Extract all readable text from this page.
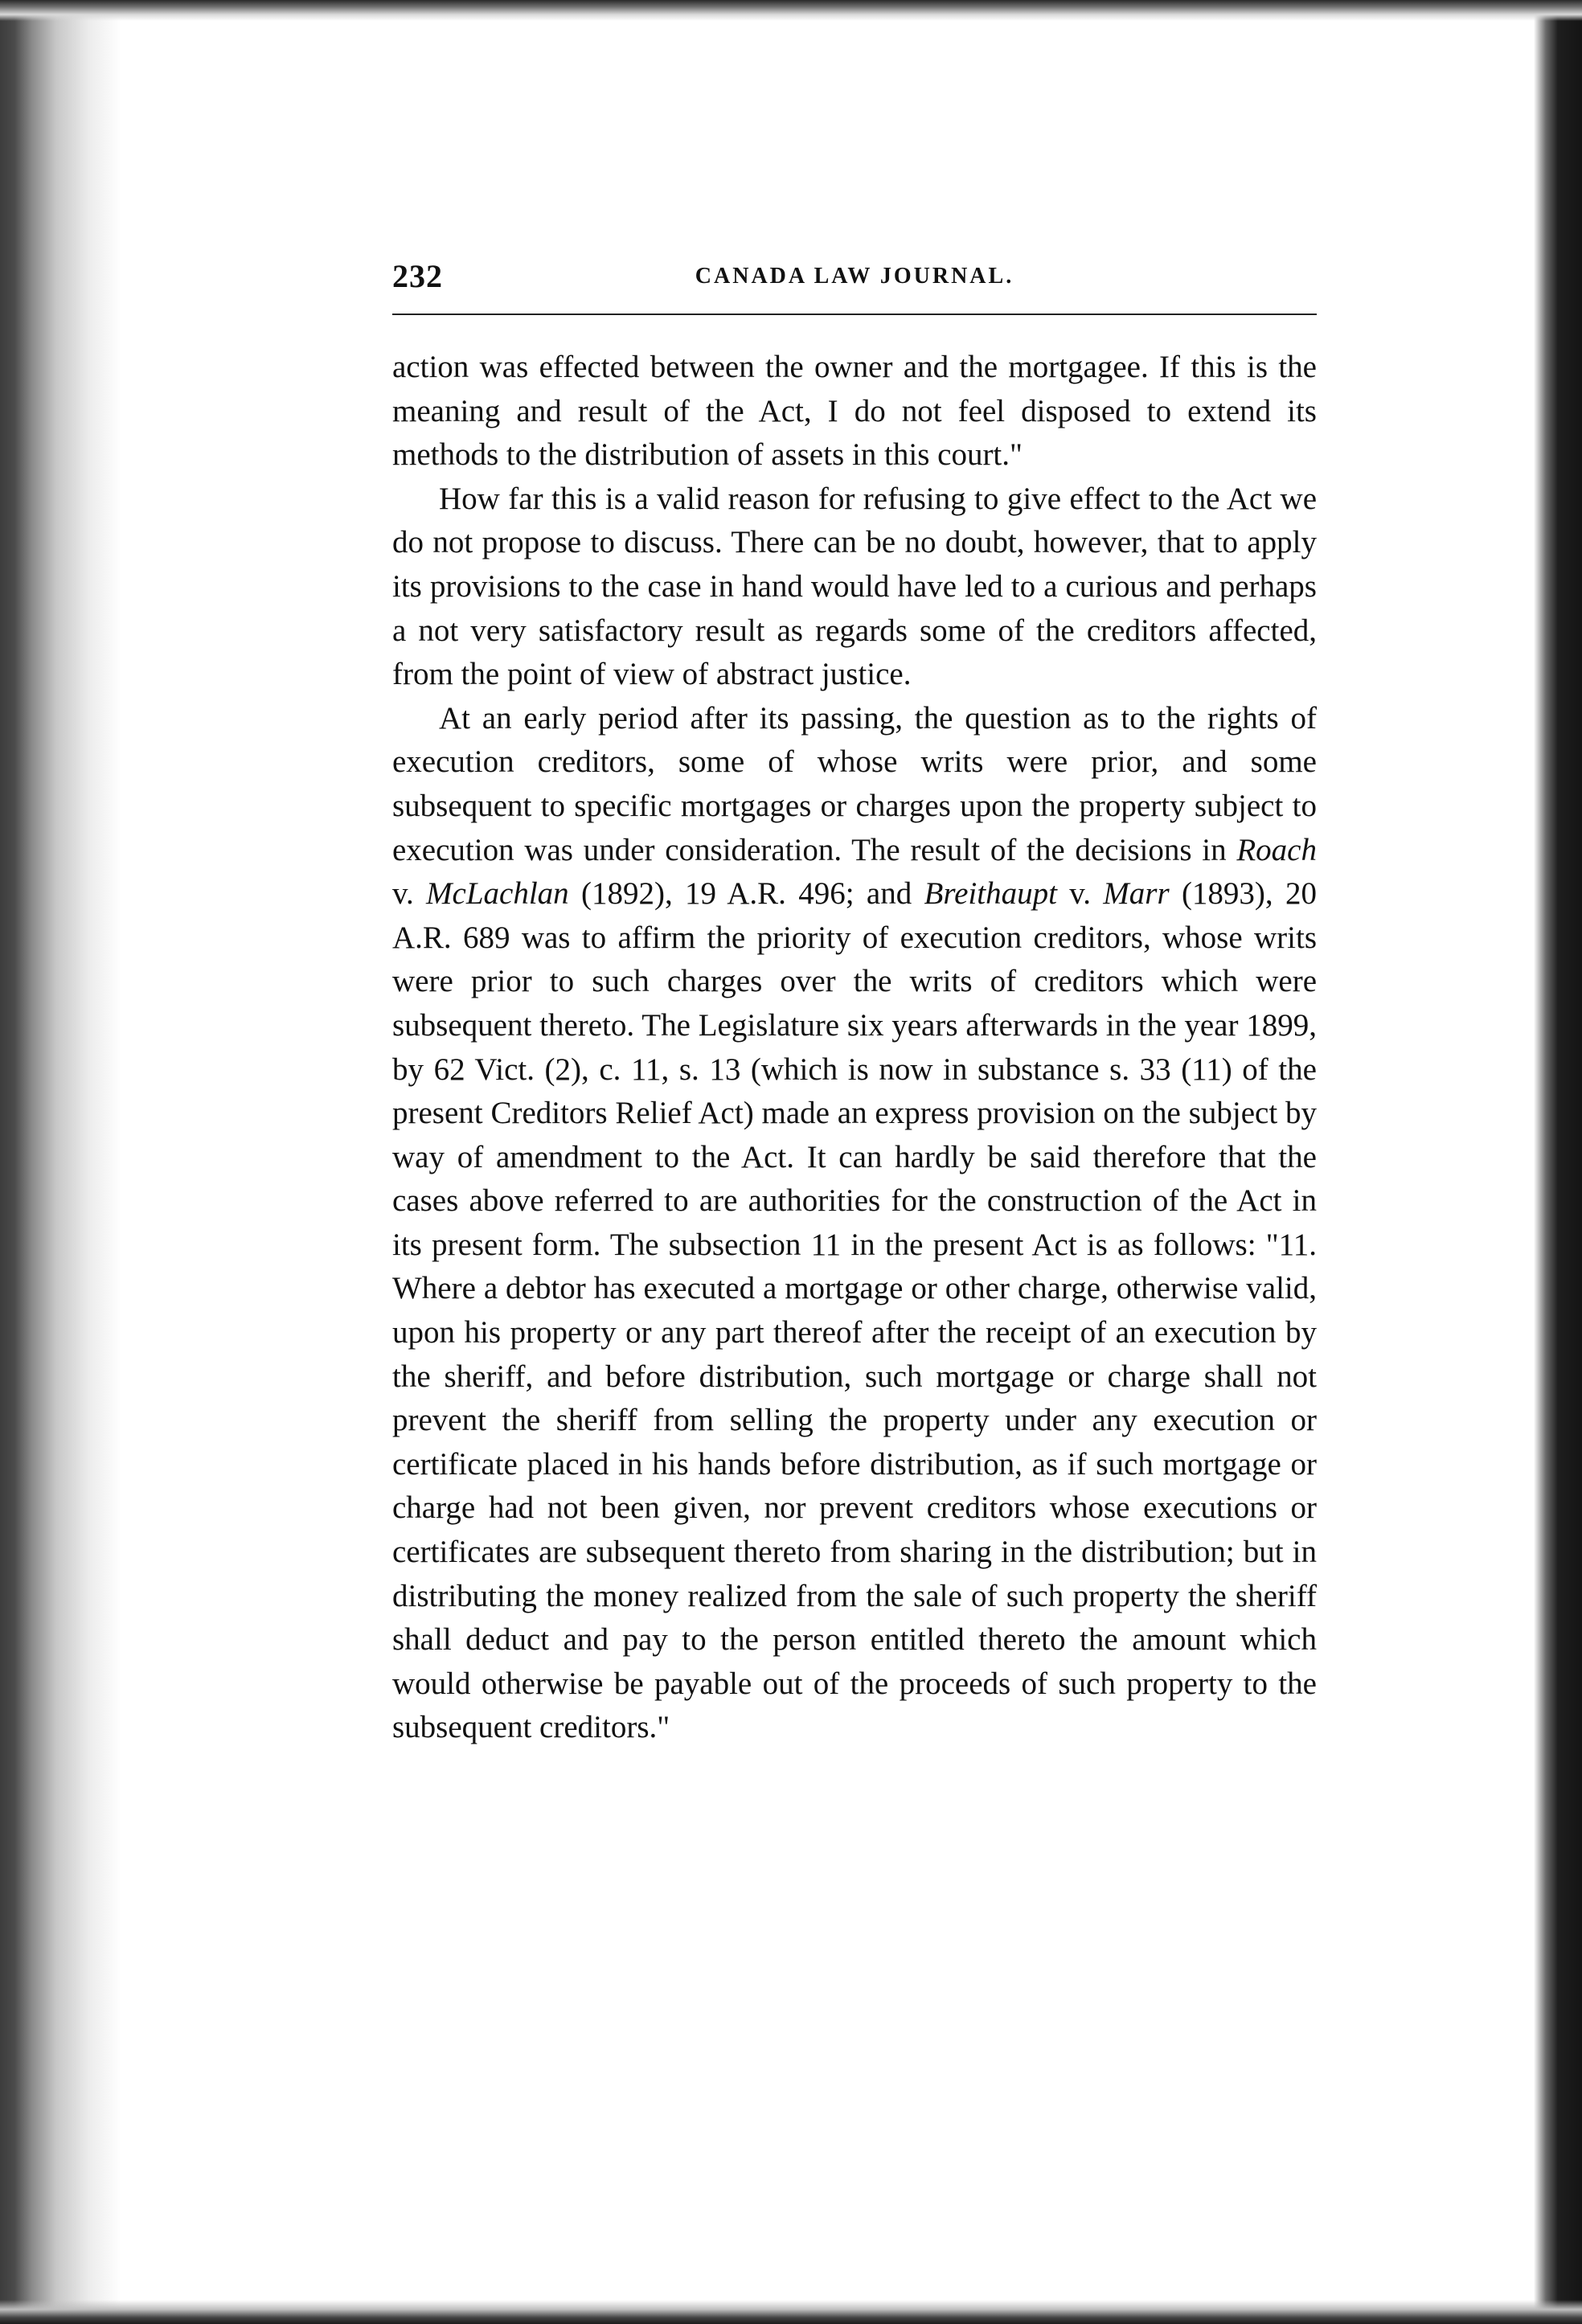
232	CANADA LAW JOURNAL.

action was effected between the owner and the mortgagee. If this is the meaning and result of the Act, I do not feel disposed to extend its methods to the distribution of assets in this court."

How far this is a valid reason for refusing to give effect to the Act we do not propose to discuss. There can be no doubt, however, that to apply its provisions to the case in hand would have led to a curious and perhaps a not very satisfactory result as regards some of the creditors affected, from the point of view of abstract justice.

At an early period after its passing, the question as to the rights of execution creditors, some of whose writs were prior, and some subsequent to specific mortgages or charges upon the property subject to execution was under consideration. The result of the decisions in Roach v. McLachlan (1892), 19 A.R. 496; and Breithaupt v. Marr (1893), 20 A.R. 689 was to affirm the priority of execution creditors, whose writs were prior to such charges over the writs of creditors which were subsequent thereto. The Legislature six years afterwards in the year 1899, by 62 Vict. (2), c. 11, s. 13 (which is now in substance s. 33 (11) of the present Creditors Relief Act) made an express provision on the subject by way of amendment to the Act. It can hardly be said therefore that the cases above referred to are authorities for the construction of the Act in its present form. The subsection 11 in the present Act is as follows: "11. Where a debtor has executed a mortgage or other charge, otherwise valid, upon his property or any part thereof after the receipt of an execution by the sheriff, and before distribution, such mortgage or charge shall not prevent the sheriff from selling the property under any execution or certificate placed in his hands before distribution, as if such mortgage or charge had not been given, nor prevent creditors whose executions or certificates are subsequent thereto from sharing in the distribution; but in distributing the money realized from the sale of such property the sheriff shall deduct and pay to the person entitled thereto the amount which would otherwise be payable out of the proceeds of such property to the subsequent creditors."
